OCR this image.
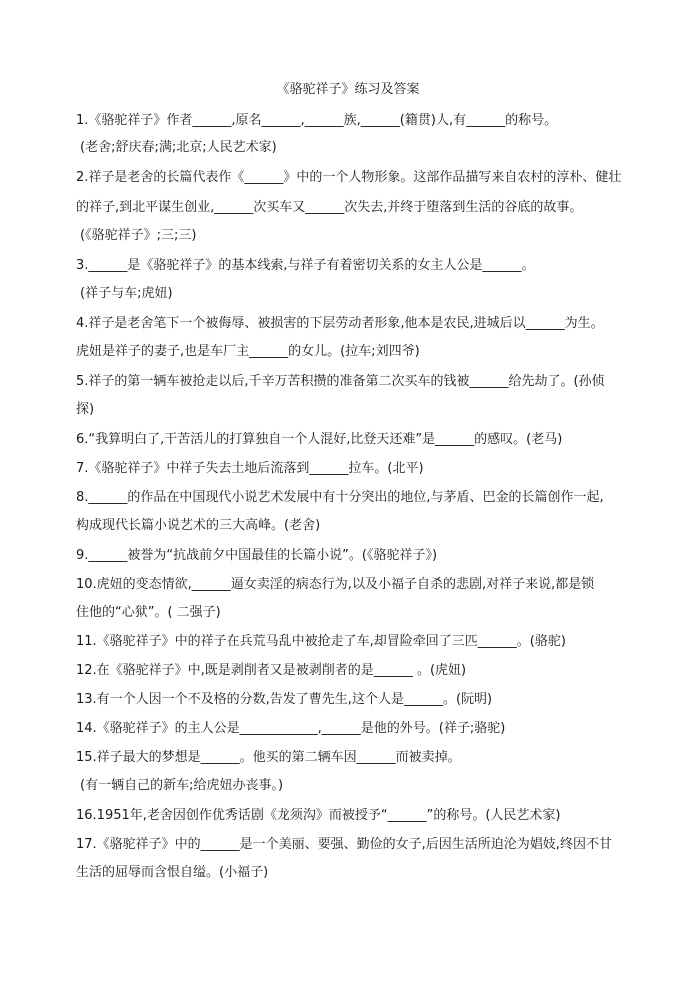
《骆驼祥子》练习及答案
1.《骆驼祥子》作者______,原名______,______族,______(籍贯)人,有______的称号。
(老舍;舒庆春;满;北京;人民艺术家)
2.祥子是老舍的长篇代表作《______》中的一个人物形象。这部作品描写来自农村的淳朴、健壮
的祥子,到北平谋生创业,______次买车又______次失去,并终于堕落到生活的谷底的故事。
(《骆驼祥子》;三;三)
3.______是《骆驼祥子》的基本线索,与祥子有着密切关系的女主人公是______。
(祥子与车;虎妞)
4.祥子是老舍笔下一个被侮辱、被损害的下层劳动者形象,他本是农民,进城后以______为生。
虎妞是祥子的妻子,也是车厂主______的女儿。(拉车;刘四爷)
5.祥子的第一辆车被抢走以后,千辛万苦积攒的准备第二次买车的钱被______给先劫了。(孙侦
探)
6.“我算明白了,干苦活儿的打算独自一个人混好,比登天还难”是______的感叹。(老马)
7.《骆驼祥子》中祥子失去土地后流落到______拉车。(北平)
8.______的作品在中国现代小说艺术发展中有十分突出的地位,与茅盾、巴金的长篇创作一起,
构成现代长篇小说艺术的三大高峰。(老舍)
9.______被誉为“抗战前夕中国最佳的长篇小说”。(《骆驼祥子》)
10.虎妞的变态情欲,______逼女卖淫的病态行为,以及小福子自杀的悲剧,对祥子来说,都是锁
住他的“心狱”。( 二强子)
11.《骆驼祥子》中的祥子在兵荒马乱中被抢走了车,却冒险牵回了三匹______。(骆驼)
12.在《骆驼祥子》中,既是剥削者又是被剥削者的是______ 。(虎妞)
13.有一个人因一个不及格的分数,告发了曹先生,这个人是______。(阮明)
14.《骆驼祥子》的主人公是____________,______是他的外号。(祥子;骆驼)
15.祥子最大的梦想是______。他买的第二辆车因______而被卖掉。
(有一辆自己的新车;给虎妞办丧事。)
16.1951年,老舍因创作优秀话剧《龙须沟》而被授予“______”的称号。(人民艺术家)
17.《骆驼祥子》中的______是一个美丽、要强、勤俭的女子,后因生活所迫沦为娼妓,终因不甘
生活的屈辱而含恨自缢。(小福子)
